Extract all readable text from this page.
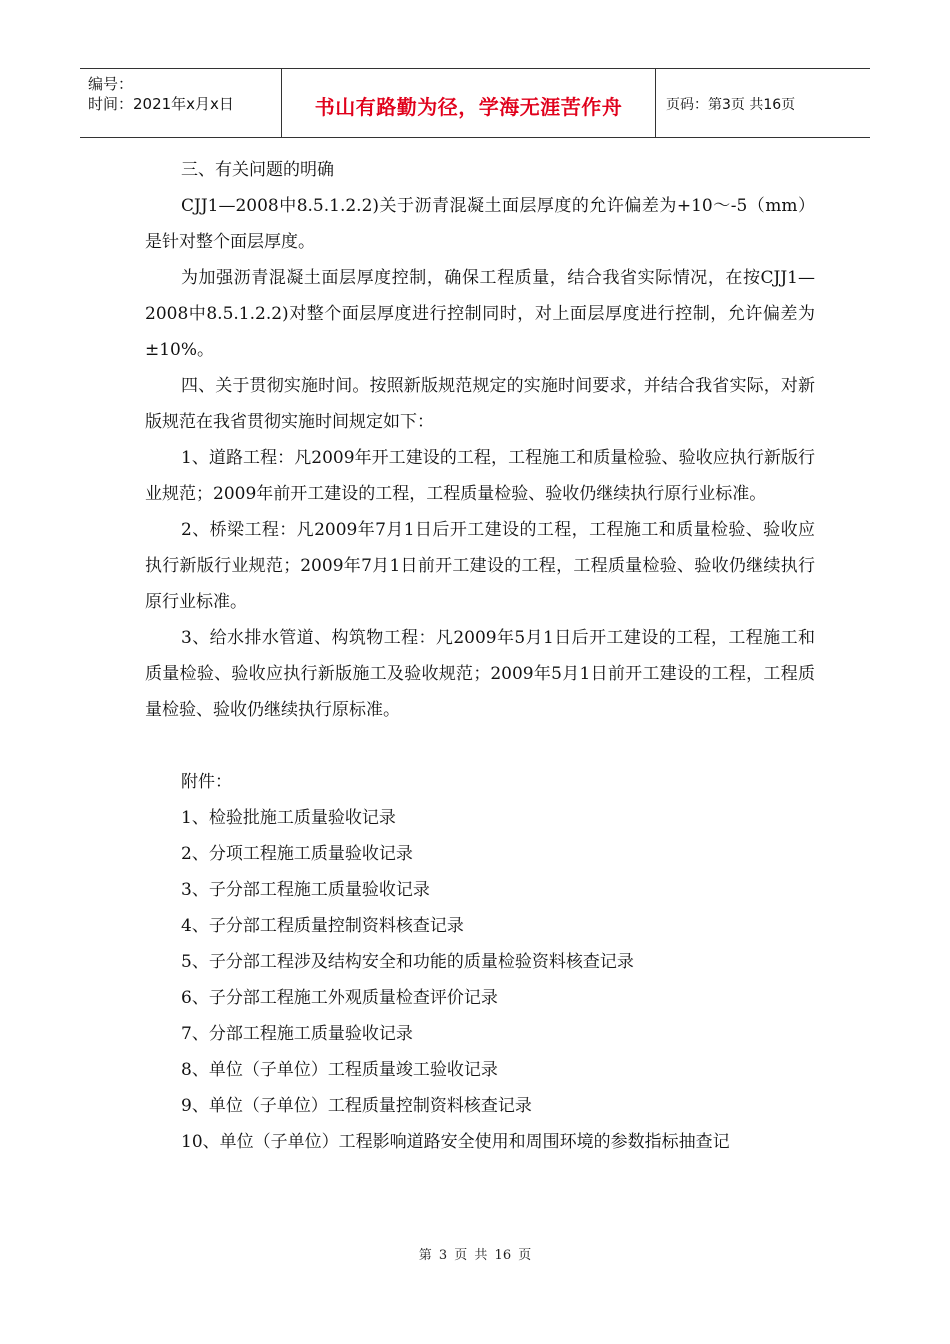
编号：
时间：2021年x月x日	书山有路勤为径，学海无涯苦作舟	页码：第3页 共16页
三、有关问题的明确
CJJ1—2008中8.5.1.2.2)关于沥青混凝土面层厚度的允许偏差为+10～-5（mm）是针对整个面层厚度。
为加强沥青混凝土面层厚度控制，确保工程质量，结合我省实际情况，在按CJJ1—2008中8.5.1.2.2)对整个面层厚度进行控制同时，对上面层厚度进行控制，允许偏差为±10%。
四、关于贯彻实施时间。按照新版规范规定的实施时间要求，并结合我省实际，对新版规范在我省贯彻实施时间规定如下：
1、道路工程：凡2009年开工建设的工程，工程施工和质量检验、验收应执行新版行业规范；2009年前开工建设的工程，工程质量检验、验收仍继续执行原行业标准。
2、桥梁工程：凡2009年7月1日后开工建设的工程，工程施工和质量检验、验收应执行新版行业规范；2009年7月1日前开工建设的工程，工程质量检验、验收仍继续执行原行业标准。
3、给水排水管道、构筑物工程：凡2009年5月1日后开工建设的工程，工程施工和质量检验、验收应执行新版施工及验收规范；2009年5月1日前开工建设的工程，工程质量检验、验收仍继续执行原标准。
附件：
1、检验批施工质量验收记录
2、分项工程施工质量验收记录
3、子分部工程施工质量验收记录
4、子分部工程质量控制资料核查记录
5、子分部工程涉及结构安全和功能的质量检验资料核查记录
6、子分部工程施工外观质量检查评价记录
7、分部工程施工质量验收记录
8、单位（子单位）工程质量竣工验收记录
9、单位（子单位）工程质量控制资料核查记录
10、单位（子单位）工程影响道路安全使用和周围环境的参数指标抽查记
第 3 页 共 16 页
